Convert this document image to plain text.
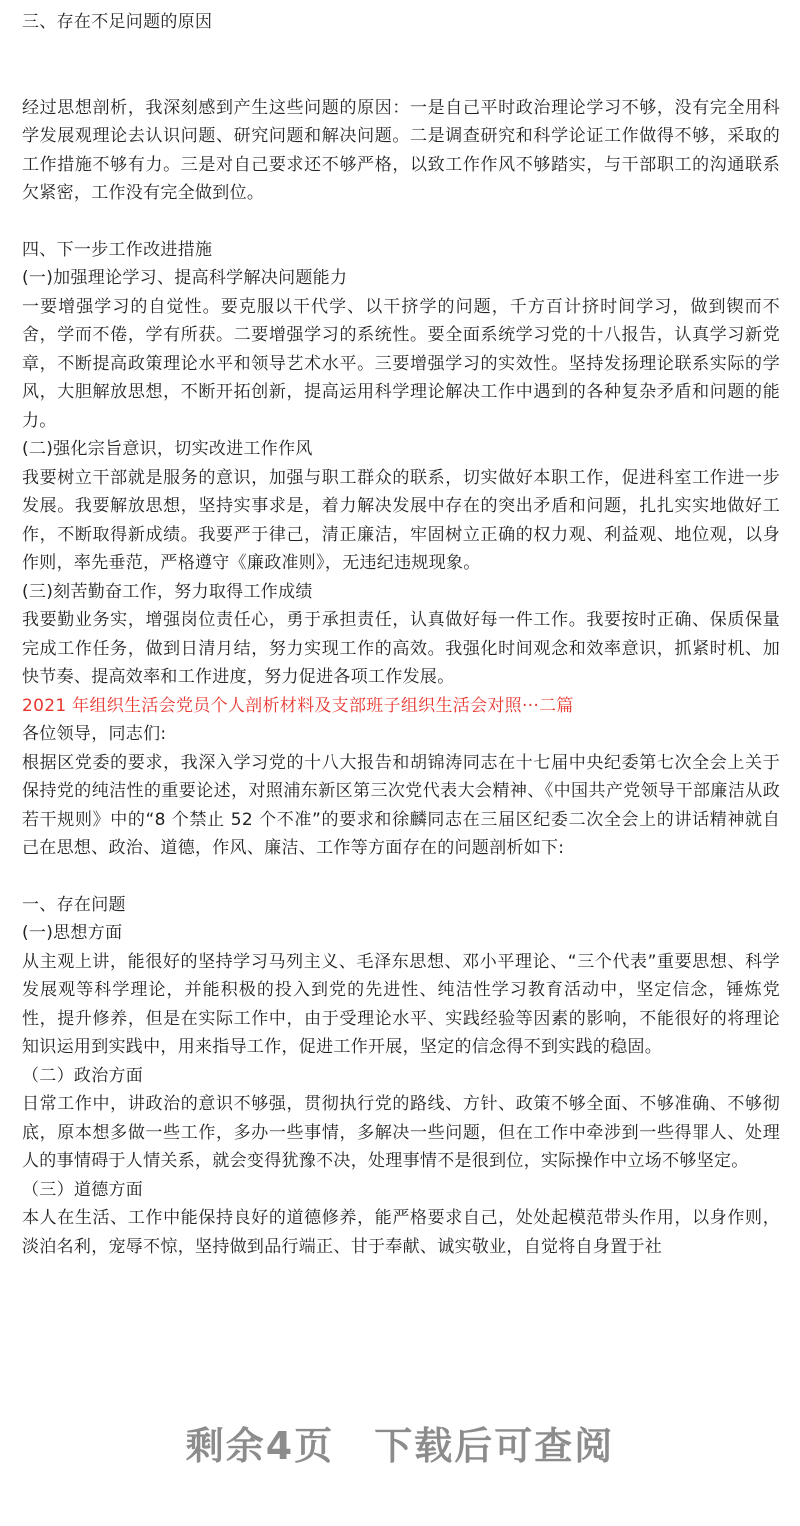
三、存在不足问题的原因

经过思想剖析，我深刻感到产生这些问题的原因：一是自己平时政治理论学习不够，没有完全用科学发展观理论去认识问题、研究问题和解决问题。二是调查研究和科学论证工作做得不够，采取的工作措施不够有力。三是对自己要求还不够严格，以致工作作风不够踏实，与干部职工的沟通联系欠紧密，工作没有完全做到位。

四、下一步工作改进措施

(一)加强理论学习、提高科学解决问题能力

一要增强学习的自觉性。要克服以干代学、以干挤学的问题，千方百计挤时间学习，做到锲而不舍，学而不倦，学有所获。二要增强学习的系统性。要全面系统学习党的十八报告，认真学习新党章，不断提高政策理论水平和领导艺术水平。三要增强学习的实效性。坚持发扬理论联系实际的学风，大胆解放思想，不断开拓创新，提高运用科学理论解决工作中遇到的各种复杂矛盾和问题的能力。

(二)强化宗旨意识，切实改进工作作风

我要树立干部就是服务的意识，加强与职工群众的联系，切实做好本职工作，促进科室工作进一步发展。我要解放思想，坚持实事求是，着力解决发展中存在的突出矛盾和问题，扎扎实实地做好工作，不断取得新成绩。我要严于律己，清正廉洁，牢固树立正确的权力观、利益观、地位观，以身作则，率先垂范，严格遵守《廉政准则》，无违纪违规现象。

(三)刻苦勤奋工作，努力取得工作成绩

我要勤业务实，增强岗位责任心，勇于承担责任，认真做好每一件工作。我要按时正确、保质保量完成工作任务，做到日清月结，努力实现工作的高效。我强化时间观念和效率意识，抓紧时机、加快节奏、提高效率和工作进度，努力促进各项工作发展。

2021 年组织生活会党员个人剖析材料及支部班子组织生活会对照···二篇

各位领导，同志们:

根据区党委的要求，我深入学习党的十八大报告和胡锦涛同志在十七届中央纪委第七次全会上关于保持党的纯洁性的重要论述，对照浦东新区第三次党代表大会精神、《中国共产党领导干部廉洁从政若干规则》中的“8 个禁止 52 个不准”的要求和徐麟同志在三届区纪委二次全会上的讲话精神就自己在思想、政治、道德，作风、廉洁、工作等方面存在的问题剖析如下:

一、存在问题

(一)思想方面

从主观上讲，能很好的坚持学习马列主义、毛泽东思想、邓小平理论、“三个代表”重要思想、科学发展观等科学理论，并能积极的投入到党的先进性、纯洁性学习教育活动中，坚定信念，锤炼党性，提升修养，但是在实际工作中，由于受理论水平、实践经验等因素的影响，不能很好的将理论知识运用到实践中，用来指导工作，促进工作开展，坚定的信念得不到实践的稳固。

（二）政治方面

日常工作中，讲政治的意识不够强，贯彻执行党的路线、方针、政策不够全面、不够准确、不够彻底，原本想多做一些工作，多办一些事情，多解决一些问题，但在工作中牵涉到一些得罪人、处理人的事情碍于人情关系，就会变得犹豫不决，处理事情不是很到位，实际操作中立场不够坚定。

（三）道德方面

本人在生活、工作中能保持良好的道德修养，能严格要求自己，处处起模范带头作用，以身作则，淡泊名利，宠辱不惊，坚持做到品行端正、甘于奉献、诚实敬业，自觉将自身置于社

剩余4页 下载后可查阅
